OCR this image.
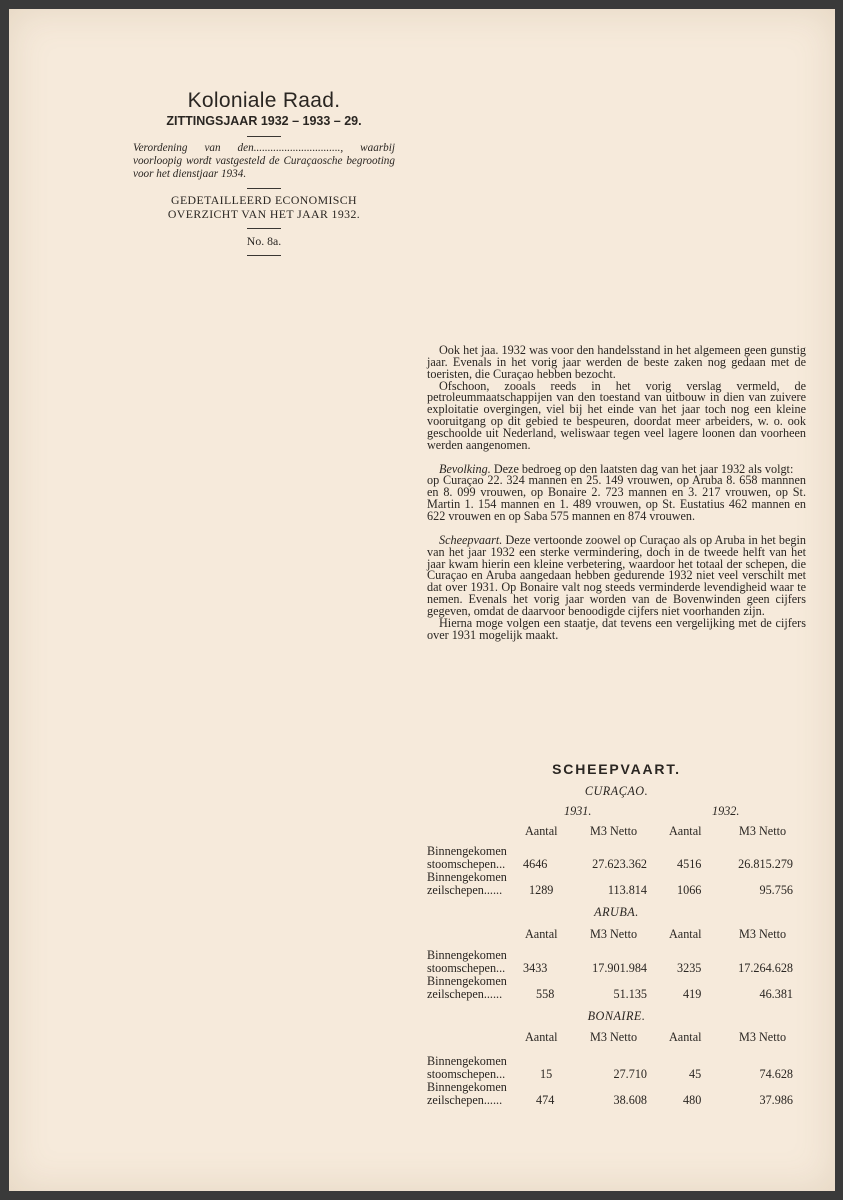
Koloniale Raad.
ZITTINGSJAAR 1932 – 1933 – 29.
Verordening van den..............................., waarbij voorloopig wordt vastgesteld de Curaçaosche begrooting voor het dienstjaar 1934.
GEDETAILLEERD ECONOMISCH
OVERZICHT VAN HET JAAR 1932.
No. 8a.

Ook het jaa. 1932 was voor den handelsstand in het algemeen geen gunstig jaar. Evenals in het vorig jaar werden de beste zaken nog gedaan met de toeristen, die Curaçao hebben bezocht.

Ofschoon, zooals reeds in het vorig verslag vermeld, de petroleummaatschappijen van den toestand van uitbouw in dien van zuivere exploitatie overgingen, viel bij het einde van het jaar toch nog een kleine vooruitgang op dit gebied te bespeuren, doordat meer arbeiders, w. o. ook geschoolde uit Nederland, weliswaar tegen veel lagere loonen dan voorheen werden aangenomen.

Bevolking. Deze bedroeg op den laatsten dag van het jaar 1932 als volgt:

op Curaçao 22. 324 mannen en 25. 149 vrouwen, op Aruba 8. 658 mannnen en 8. 099 vrouwen, op Bonaire 2. 723 mannen en 3. 217 vrouwen, op St. Martin 1. 154 mannen en 1. 489 vrouwen, op St. Eustatius 462 mannen en 622 vrouwen en op Saba 575 mannen en 874 vrouwen.

Scheepvaart. Deze vertoonde zoowel op Curaçao als op Aruba in het begin van het jaar 1932 een sterke vermindering, doch in de tweede helft van het jaar kwam hierin een kleine verbetering, waardoor het totaal der schepen, die Curaçao en Aruba aangedaan hebben gedurende 1932 niet veel verschilt met dat over 1931. Op Bonaire valt nog steeds verminderde levendigheid waar te nemen. Evenals het vorig jaar worden van de Bovenwinden geen cijfers gegeven, omdat de daarvoor benoodigde cijfers niet voorhanden zijn.

Hierna moge volgen een staatje, dat tevens een vergelijking met de cijfers over 1931 mogelijk maakt.

SCHEEPVAART.
CURAÇAO.
1931.	1932.
Aantal	M3 Netto	Aantal	M3 Netto
Binnengekomen
stoomschepen... 4646	27.623.362 4516	26.815.279
Binnengekomen
zeilschepen...... 1289	113.814 1066	95.756
ARUBA.
Aantal	M3 Netto	Aantal	M3 Netto
Binnengekomen
stoomschepen... 3433	17.901.984 3235	17.264.628
Binnengekomen
zeilschepen......	558	51.135	419	46.381
BONAIRE.
Aantal	M3 Netto	Aantal	M3 Netto
Binnengekomen
stoomschepen...	15	27.710	45	74.628
Binnengekomen
zeilschepen......	474	38.608	480	37.986
